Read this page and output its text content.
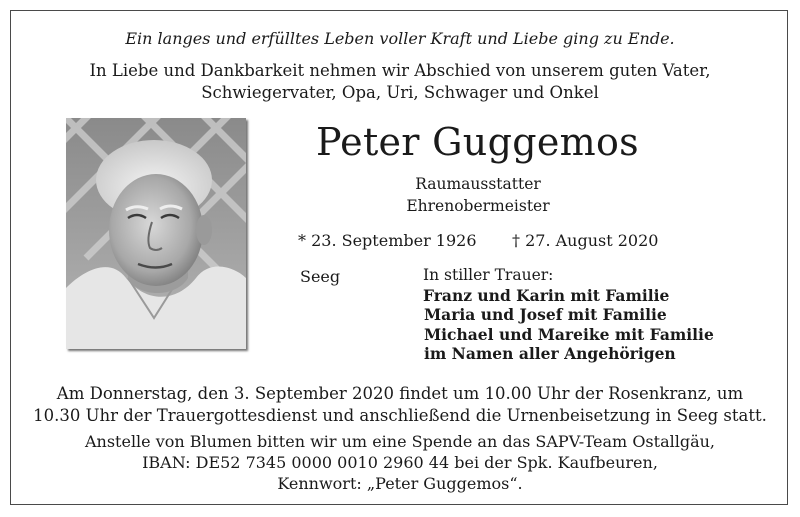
Ein langes und erfülltes Leben voller Kraft und Liebe ging zu Ende.
In Liebe und Dankbarkeit nehmen wir Abschied von unserem guten Vater,
Schwiegervater, Opa, Uri, Schwager und Onkel
Peter Guggemos
Raumausstatter
Ehrenobermeister
* 23. September 1926 † 27. August 2020
Seeg	In stiller Trauer:
Franz und Karin mit Familie
Maria und Josef mit Familie
Michael und Mareike mit Familie
im Namen aller Angehörigen
Am Donnerstag, den 3. September 2020 findet um 10.00 Uhr der Rosenkranz, um
10.30 Uhr der Trauergottesdienst und anschließend die Urnenbeisetzung in Seeg statt.
Anstelle von Blumen bitten wir um eine Spende an das SAPV-Team Ostallgäu,
IBAN: DE52 7345 0000 0010 2960 44 bei der Spk. Kaufbeuren,
Kennwort: „Peter Guggemos“.
